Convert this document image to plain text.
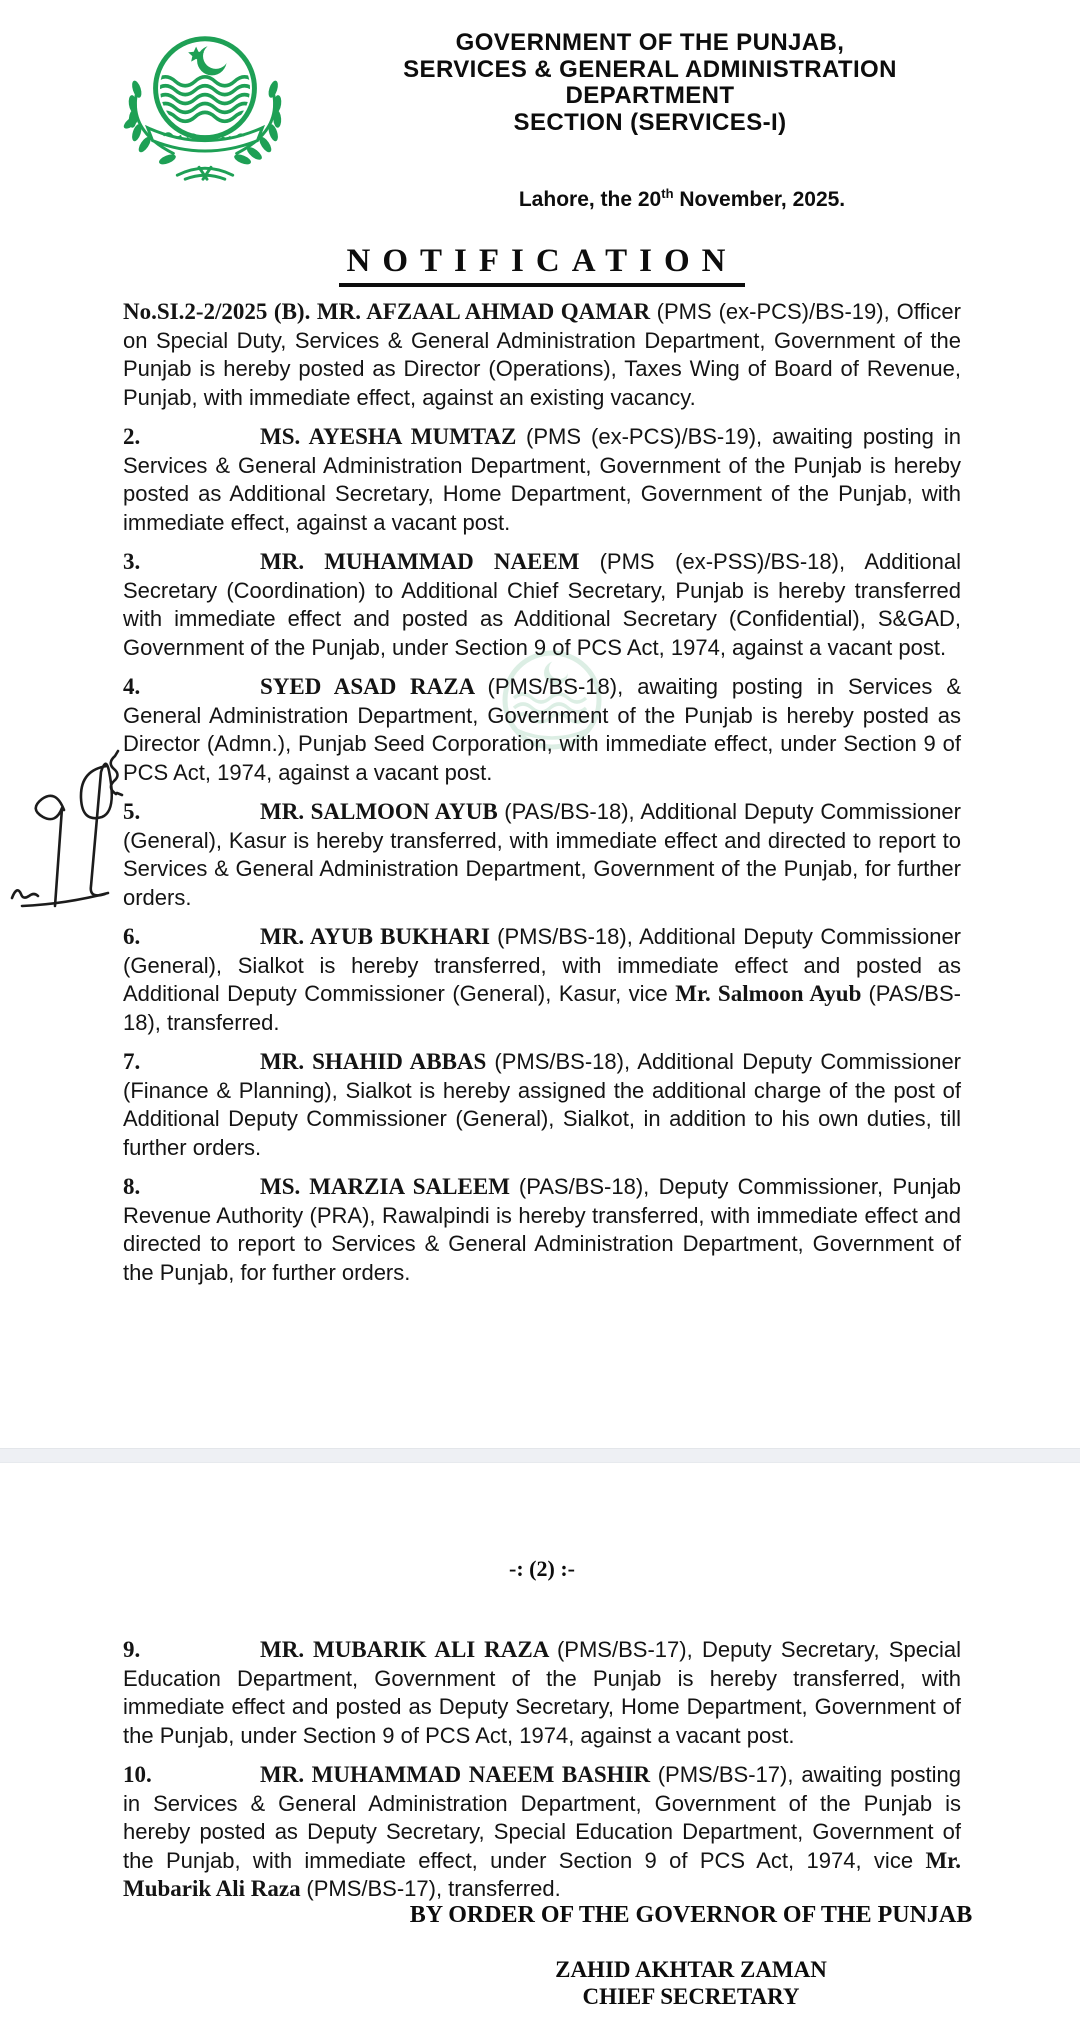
GOVERNMENT OF THE PUNJAB,
SERVICES & GENERAL ADMINISTRATION
DEPARTMENT
SECTION (SERVICES-I)
Lahore, the 20th November, 2025.
NOTIFICATION

No.SI.2-2/2025 (B). MR. AFZAAL AHMAD QAMAR (PMS (ex-PCS)/BS-19), Officer on Special Duty, Services & General Administration Department, Government of the Punjab is hereby posted as Director (Operations), Taxes Wing of Board of Revenue, Punjab, with immediate effect, against an existing vacancy.

2.	MS. AYESHA MUMTAZ (PMS (ex-PCS)/BS-19), awaiting posting in Services & General Administration Department, Government of the Punjab is hereby posted as Additional Secretary, Home Department, Government of the Punjab, with immediate effect, against a vacant post.

3.	MR. MUHAMMAD NAEEM (PMS (ex-PSS)/BS-18), Additional Secretary (Coordination) to Additional Chief Secretary, Punjab is hereby transferred with immediate effect and posted as Additional Secretary (Confidential), S&GAD, Government of the Punjab, under Section 9 of PCS Act, 1974, against a vacant post.

4.	SYED ASAD RAZA (PMS/BS-18), awaiting posting in Services & General Administration Department, Government of the Punjab is hereby posted as Director (Admn.), Punjab Seed Corporation, with immediate effect, under Section 9 of PCS Act, 1974, against a vacant post.

5.	MR. SALMOON AYUB (PAS/BS-18), Additional Deputy Commissioner (General), Kasur is hereby transferred, with immediate effect and directed to report to Services & General Administration Department, Government of the Punjab, for further orders.

6.	MR. AYUB BUKHARI (PMS/BS-18), Additional Deputy Commissioner (General), Sialkot is hereby transferred, with immediate effect and posted as Additional Deputy Commissioner (General), Kasur, vice Mr. Salmoon Ayub (PAS/BS-18), transferred.

7.	MR. SHAHID ABBAS (PMS/BS-18), Additional Deputy Commissioner (Finance & Planning), Sialkot is hereby assigned the additional charge of the post of Additional Deputy Commissioner (General), Sialkot, in addition to his own duties, till further orders.

8.	MS. MARZIA SALEEM (PAS/BS-18), Deputy Commissioner, Punjab Revenue Authority (PRA), Rawalpindi is hereby transferred, with immediate effect and directed to report to Services & General Administration Department, Government of the Punjab, for further orders.

-: (2) :-

9.	MR. MUBARIK ALI RAZA (PMS/BS-17), Deputy Secretary, Special Education Department, Government of the Punjab is hereby transferred, with immediate effect and posted as Deputy Secretary, Home Department, Government of the Punjab, under Section 9 of PCS Act, 1974, against a vacant post.

10.	MR. MUHAMMAD NAEEM BASHIR (PMS/BS-17), awaiting posting in Services & General Administration Department, Government of the Punjab is hereby posted as Deputy Secretary, Special Education Department, Government of the Punjab, with immediate effect, under Section 9 of PCS Act, 1974, vice Mr. Mubarik Ali Raza (PMS/BS-17), transferred.

BY ORDER OF THE GOVERNOR OF THE PUNJAB
ZAHID AKHTAR ZAMAN
CHIEF SECRETARY
